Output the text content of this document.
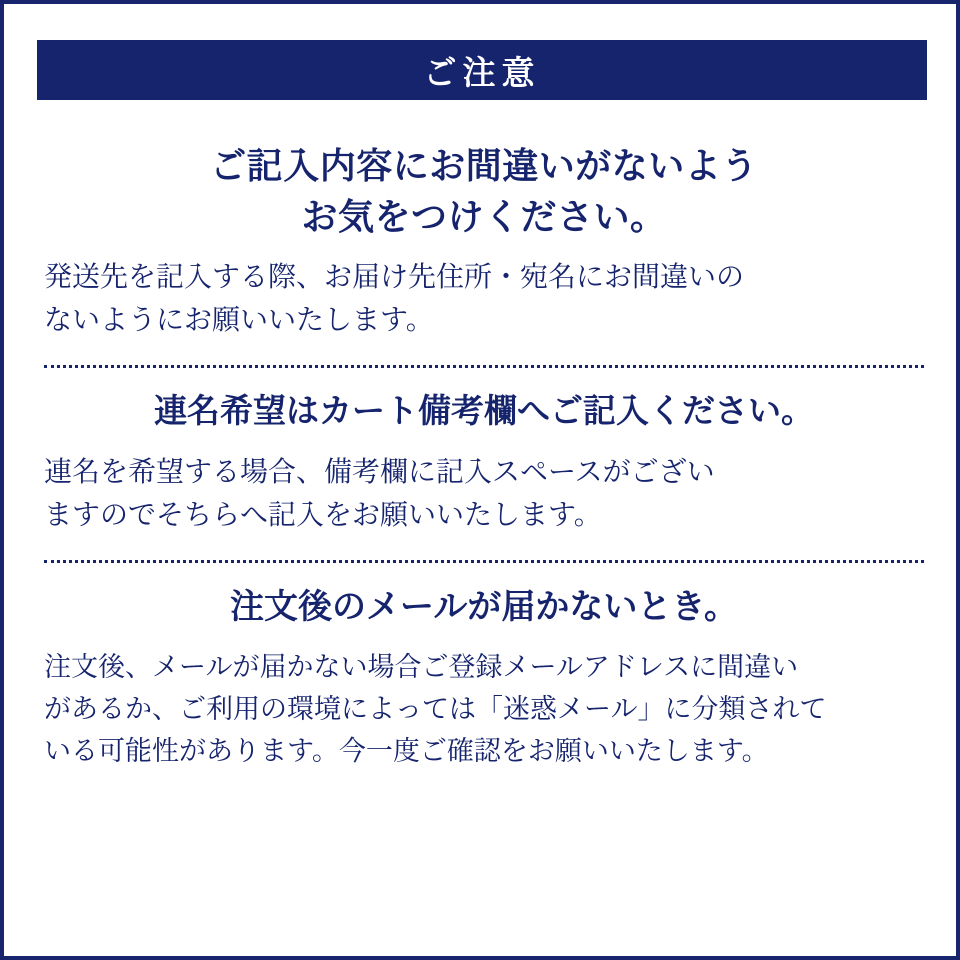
ご注意
ご記入内容にお間違いがないよう
お気をつけください。
発送先を記入する際、お届け先住所・宛名にお間違いの
ないようにお願いいたします。
連名希望はカート備考欄へご記入ください。
連名を希望する場合、備考欄に記入スペースがござい
ますのでそちらへ記入をお願いいたします。
注文後のメールが届かないとき。
注文後、メールが届かない場合ご登録メールアドレスに間違い
があるか、ご利用の環境によっては「迷惑メール」に分類されて
いる可能性があります。今一度ご確認をお願いいたします。
